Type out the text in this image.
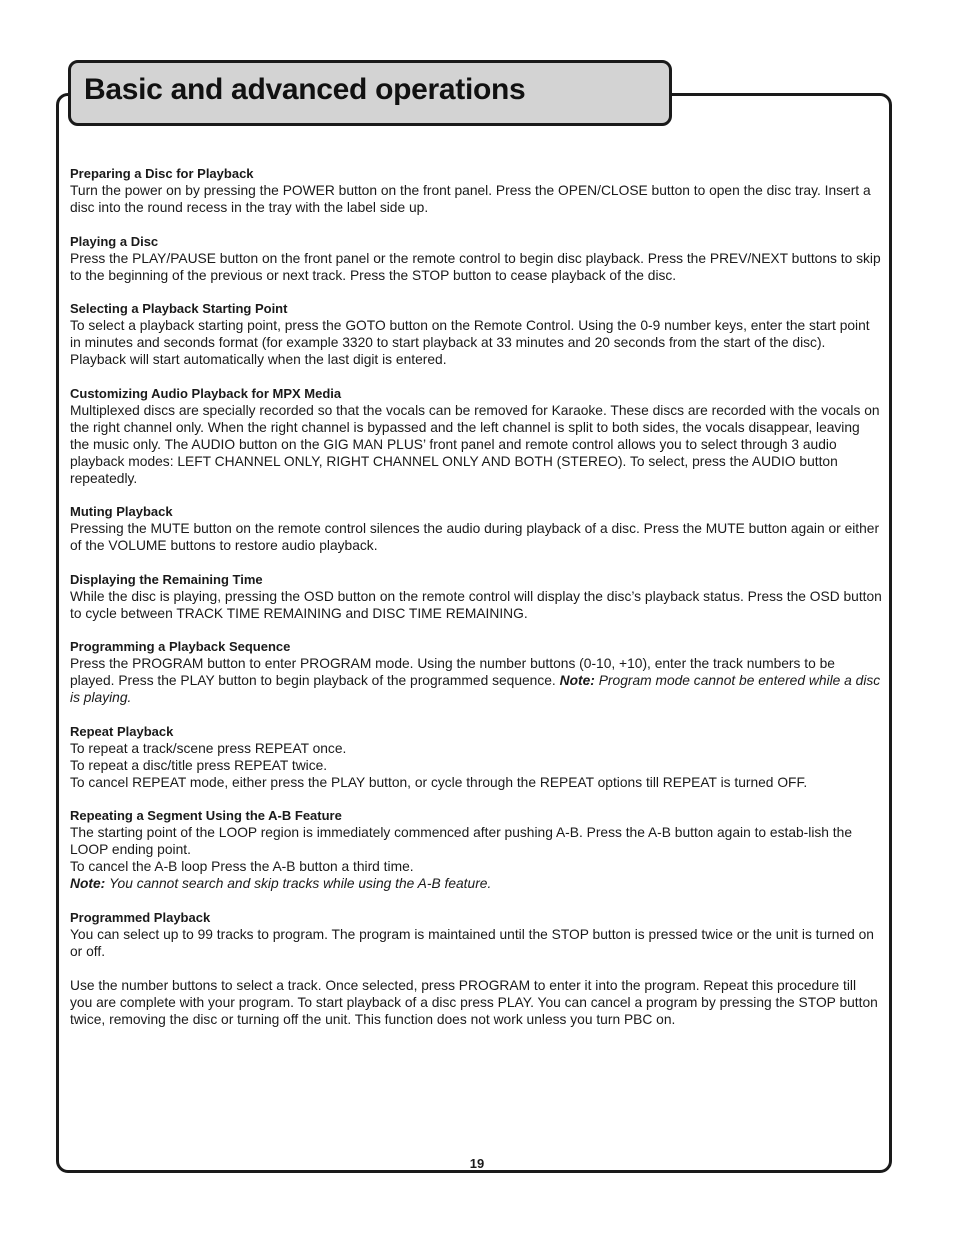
Basic and advanced operations
Preparing a Disc for Playback

Turn the power on by pressing the POWER button on the front panel. Press the OPEN/CLOSE button to open the disc tray. Insert a disc into the round recess in the tray with the label side up.

Playing a Disc

Press the PLAY/PAUSE button on the front panel or the remote control to begin disc playback. Press the PREV/NEXT buttons to skip to the beginning of the previous or next track. Press the STOP button to cease playback of the disc.

Selecting a Playback Starting Point

To select a playback starting point, press the GOTO button on the Remote Control. Using the 0-9 number keys, enter the start point in minutes and seconds format (for example 3320 to start playback at 33 minutes and 20 seconds from the start of the disc). Playback will start automatically when the last digit is entered.

Customizing Audio Playback for MPX Media

Multiplexed discs are specially recorded so that the vocals can be removed for Karaoke. These discs are recorded with the vocals on the right channel only. When the right channel is bypassed and the left channel is split to both sides, the vocals disappear, leaving the music only. The AUDIO button on the GIG MAN PLUS’ front panel and remote control allows you to select through 3 audio playback modes: LEFT CHANNEL ONLY, RIGHT CHANNEL ONLY AND BOTH (STEREO). To select, press the AUDIO button repeatedly.

Muting Playback

Pressing the MUTE button on the remote control silences the audio during playback of a disc. Press the MUTE button again or either of the VOLUME buttons to restore audio playback.

Displaying the Remaining Time

While the disc is playing, pressing the OSD button on the remote control will display the disc’s playback status. Press the OSD button to cycle between TRACK TIME REMAINING and DISC TIME REMAINING.

Programming a Playback Sequence

Press the PROGRAM button to enter PROGRAM mode. Using the number buttons (0-10, +10), enter the track numbers to be played. Press the PLAY button to begin playback of the programmed sequence. Note: Program mode cannot be entered while a disc is playing.

Repeat Playback

To repeat a track/scene press REPEAT once.

To repeat a disc/title press REPEAT twice.

To cancel REPEAT mode, either press the PLAY button, or cycle through the REPEAT options till REPEAT is turned OFF.

Repeating a Segment Using the A-B Feature

The starting point of the LOOP region is immediately commenced after pushing A-B. Press the A-B button again to estab-lish the LOOP ending point.

To cancel the A-B loop Press the A-B button a third time.

Note: You cannot search and skip tracks while using the A-B feature.

Programmed Playback

You can select up to 99 tracks to program. The program is maintained until the STOP button is pressed twice or the unit is turned on or off.

Use the number buttons to select a track. Once selected, press PROGRAM to enter it into the program. Repeat this procedure till you are complete with your program. To start playback of a disc press PLAY. You can cancel a program by pressing the STOP button twice, removing the disc or turning off the unit. This function does not work unless you turn PBC on.

19
